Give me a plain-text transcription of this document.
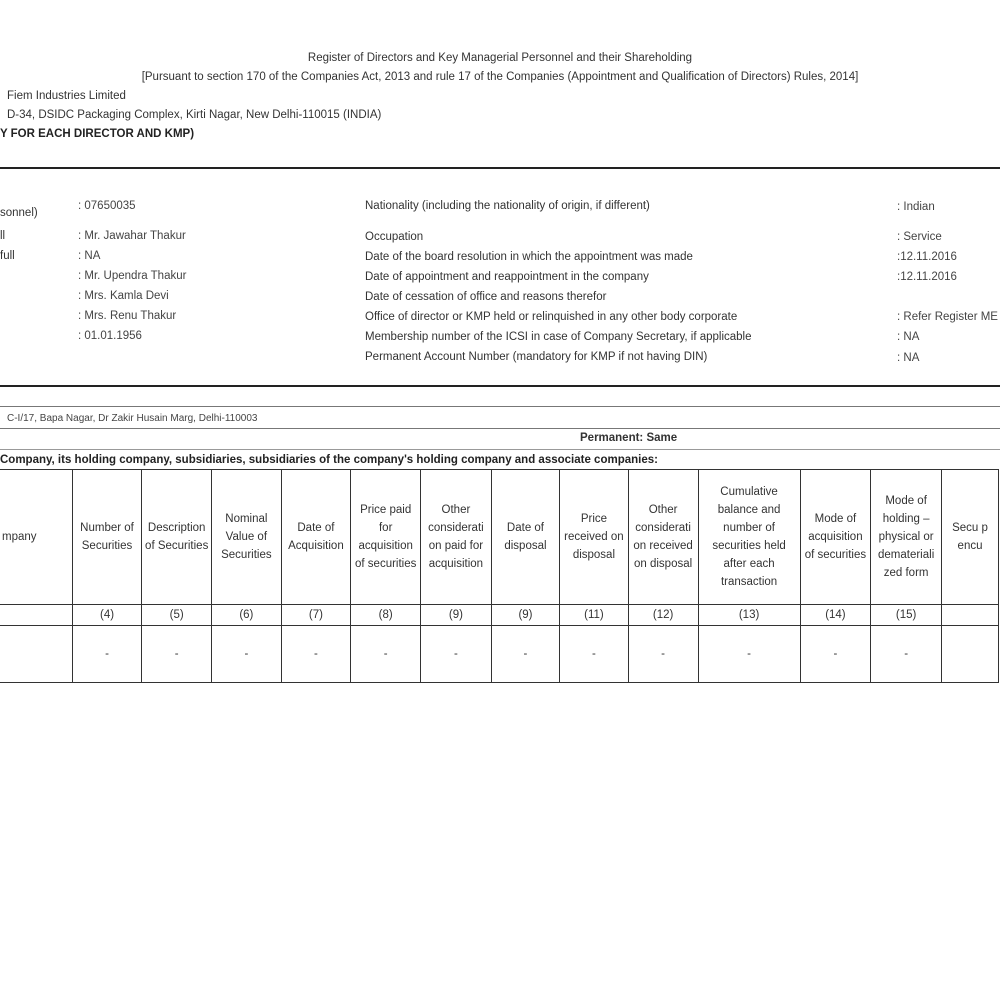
Register of Directors and Key Managerial Personnel and their Shareholding
[Pursuant to section 170 of the Companies Act, 2013 and rule 17 of the Companies (Appointment and Qualification of Directors) Rules, 2014]
Fiem Industries Limited
D-34, DSIDC Packaging Complex, Kirti Nagar, New Delhi-110015 (INDIA)
Y FOR EACH DIRECTOR AND KMP)
sonnel)
: 07650035
ll	: Mr. Jawahar Thakur
full	: NA
: Mr. Upendra Thakur
: Mrs. Kamla Devi
: Mrs. Renu Thakur
: 01.01.1956
Nationality (including the nationality of origin, if different)	: Indian
Occupation	: Service
Date of the board resolution in which the appointment was made	:12.11.2016
Date of appointment and reappointment in the company	:12.11.2016
Date of cessation of office and reasons therefor
Office of director or KMP held or relinquished in any other body corporate	: Refer Register ME
Membership number of the ICSI in case of Company Secretary, if applicable	: NA
Permanent Account Number (mandatory for KMP if not having DIN)	: NA
C-I/17, Bapa Nagar, Dr Zakir Husain Marg, Delhi-110003
Permanent: Same
Company, its holding company, subsidiaries, subsidiaries of the company's holding company and associate companies:
mpany	Number of Securities	Description of Securities	Nominal Value of Securities	Date of Acquisition	Price paid for acquisition of securities	Other considerati on paid for acquisition	Date of disposal	Price received on disposal	Other considerati on received on disposal	Cumulative balance and number of securities held after each transaction	Mode of acquisition of securities	Mode of holding – physical or demateriali zed form	Secu p encu
	(4)	(5)	(6)	(7)	(8)	(9)	(9)	(11)	(12)	(13)	(14)	(15)	
	-	-	-	-	-	-	-	-	-	-	-	-	
